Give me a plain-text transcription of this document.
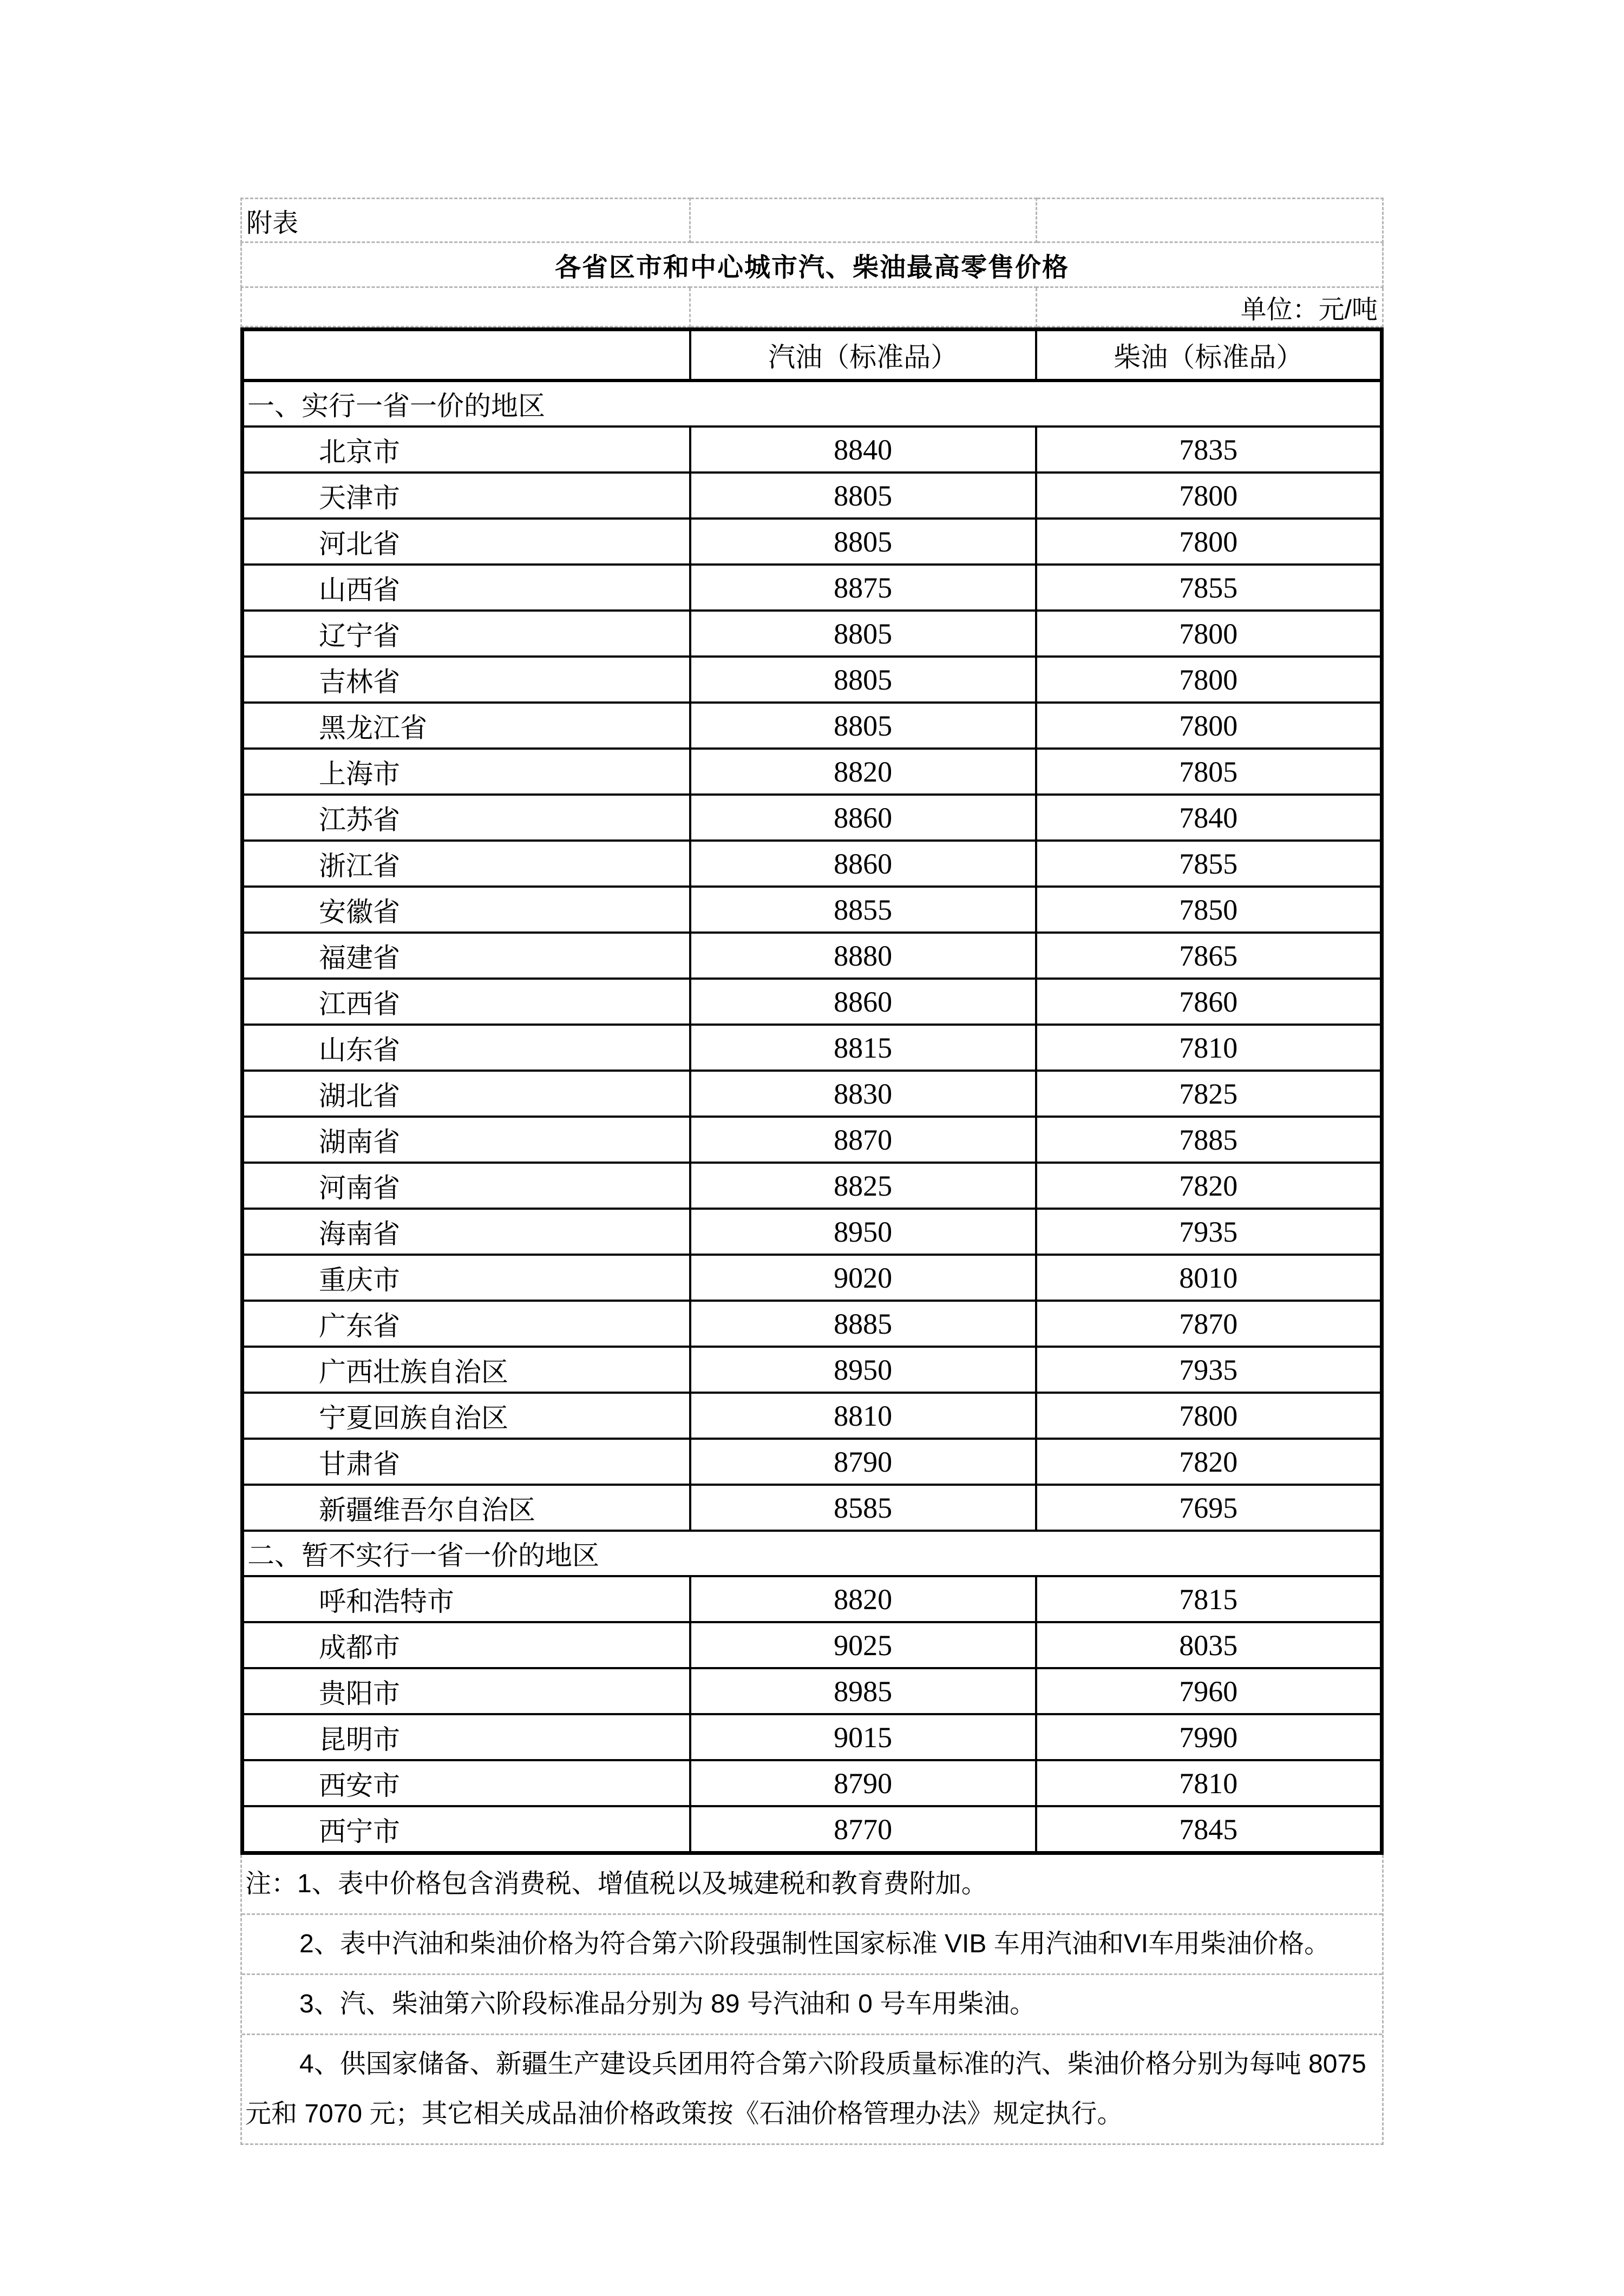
附表		
各省区市和中心城市汽、柴油最高零售价格		
		单位：元/吨
	汽油（标准品）	柴油（标准品）
一、实行一省一价的地区		
北京市	8840	7835
天津市	8805	7800
河北省	8805	7800
山西省	8875	7855
辽宁省	8805	7800
吉林省	8805	7800
黑龙江省	8805	7800
上海市	8820	7805
江苏省	8860	7840
浙江省	8860	7855
安徽省	8855	7850
福建省	8880	7865
江西省	8860	7860
山东省	8815	7810
湖北省	8830	7825
湖南省	8870	7885
河南省	8825	7820
海南省	8950	7935
重庆市	9020	8010
广东省	8885	7870
广西壮族自治区	8950	7935
宁夏回族自治区	8810	7800
甘肃省	8790	7820
新疆维吾尔自治区	8585	7695
二、暂不实行一省一价的地区		
呼和浩特市	8820	7815
成都市	9025	8035
贵阳市	8985	7960
昆明市	9015	7990
西安市	8790	7810
西宁市	8770	7845
注：1、表中价格包含消费税、增值税以及城建税和教育费附加。
2、表中汽油和柴油价格为符合第六阶段强制性国家标准 VIB 车用汽油和VI车用柴油价格。
3、汽、柴油第六阶段标准品分别为 89 号汽油和 0 号车用柴油。
4、供国家储备、新疆生产建设兵团用符合第六阶段质量标准的汽、柴油价格分别为每吨 8075 元和 7070 元；其它相关成品油价格政策按《石油价格管理办法》规定执行。
